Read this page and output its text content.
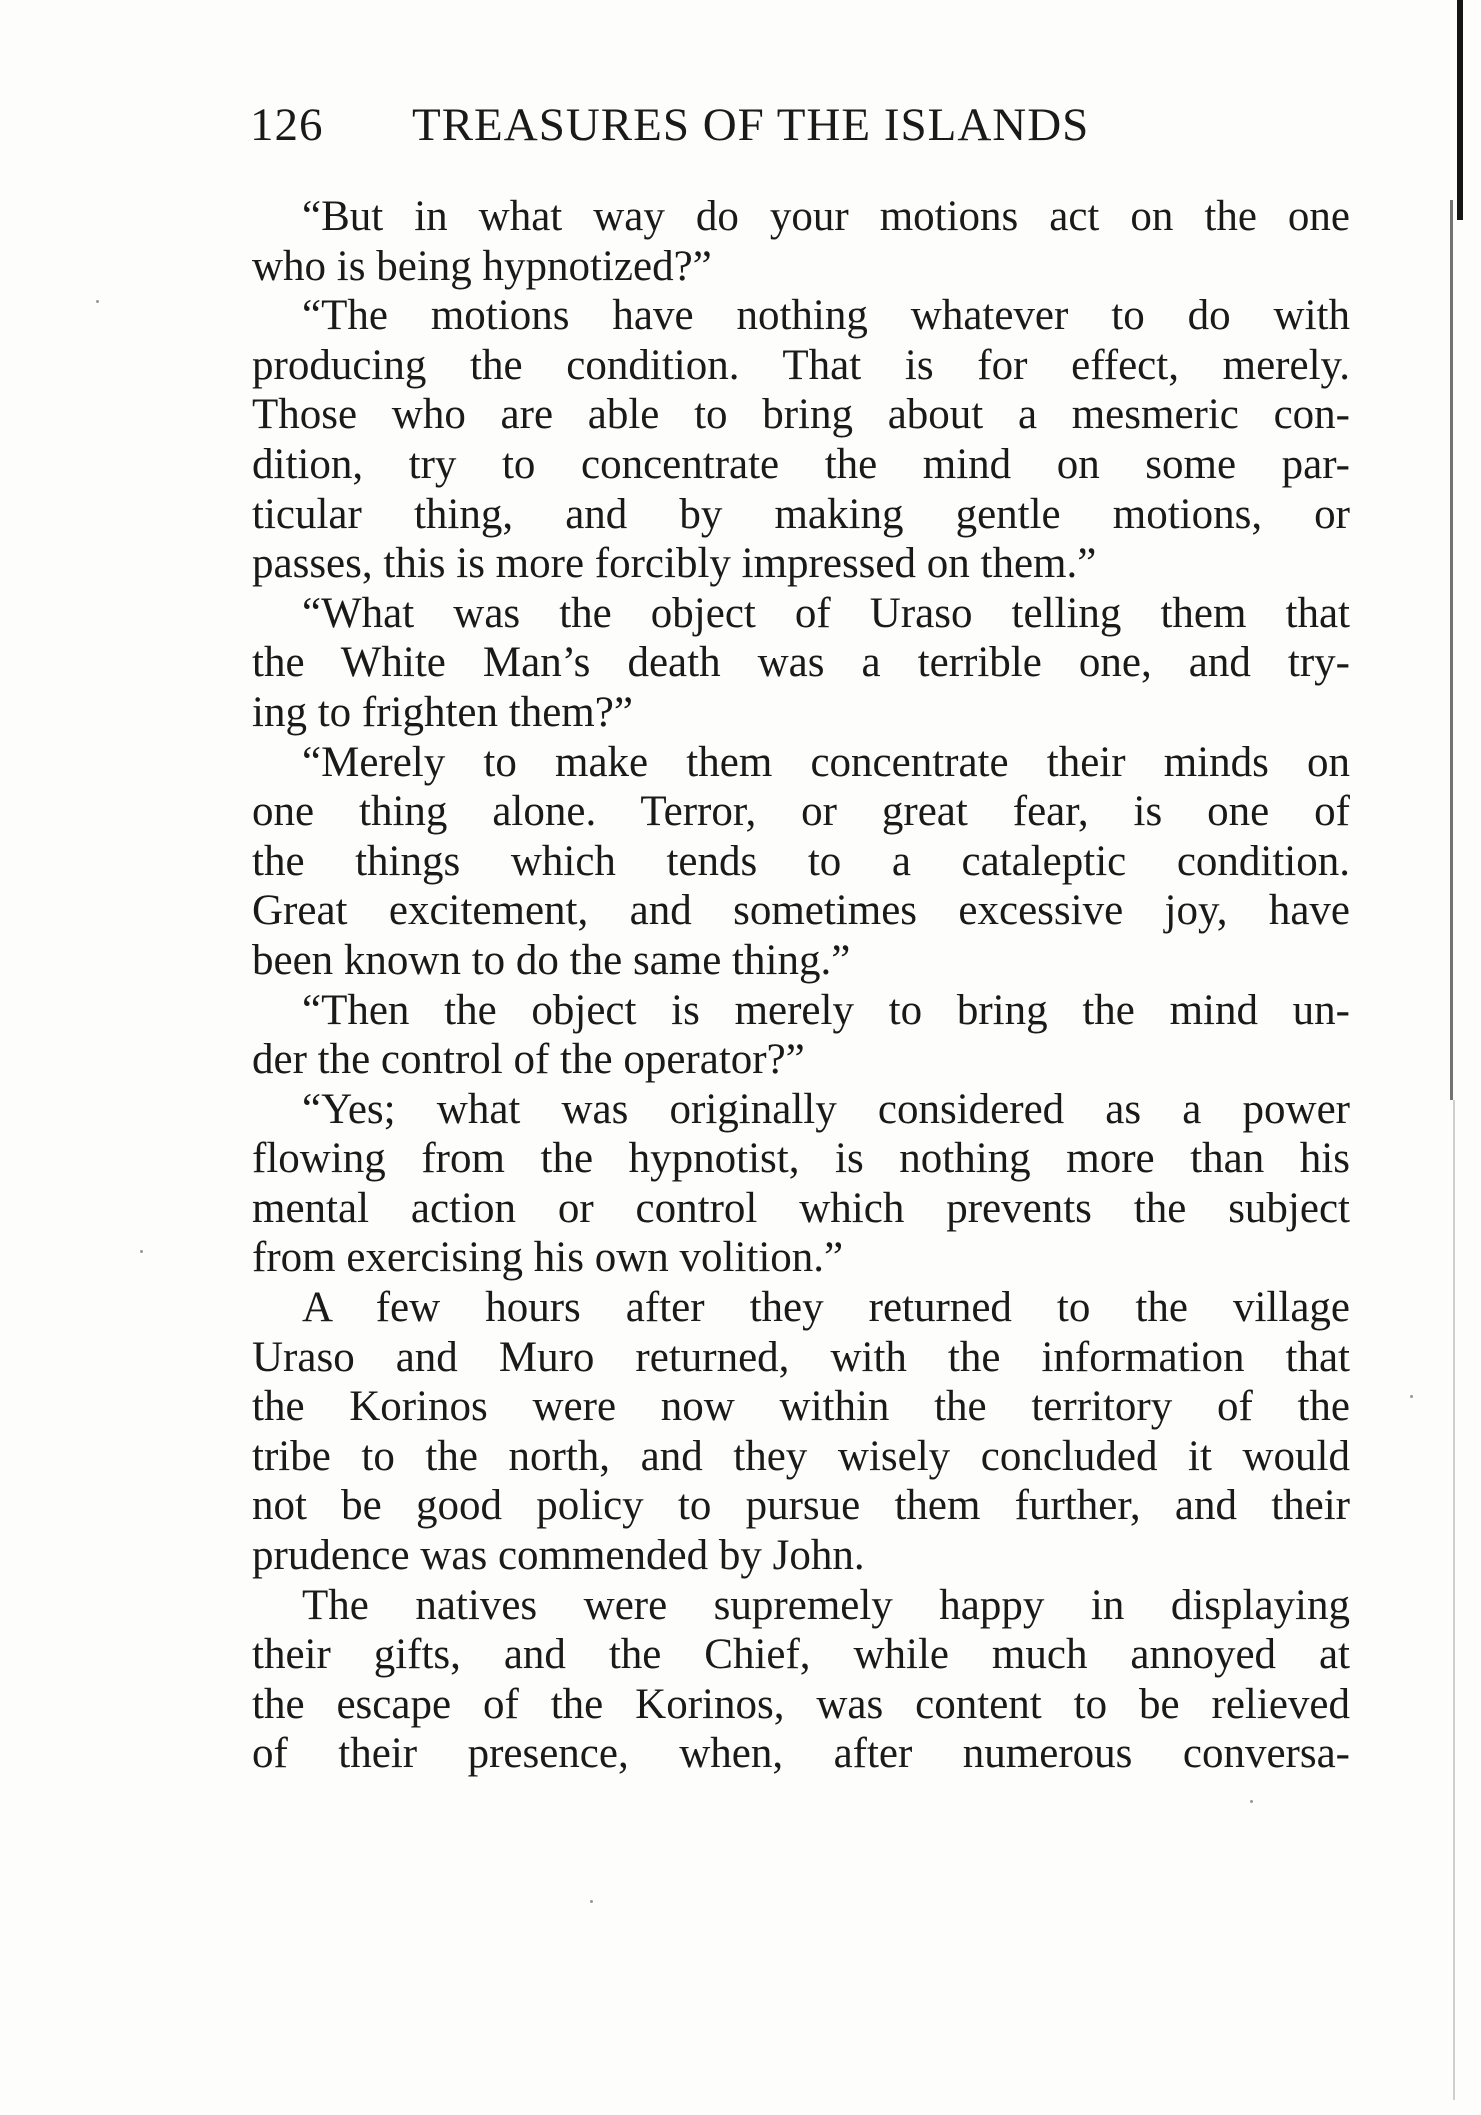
126 TREASURES OF THE ISLANDS
“But in what way do your motions act on the one
who is being hypnotized?”
“The motions have nothing whatever to do with
producing the condition. That is for effect, merely.
Those who are able to bring about a mesmeric con-
dition, try to concentrate the mind on some par-
ticular thing, and by making gentle motions, or
passes, this is more forcibly impressed on them.”
“What was the object of Uraso telling them that
the White Man’s death was a terrible one, and try-
ing to frighten them?”
“Merely to make them concentrate their minds on
one thing alone. Terror, or great fear, is one of
the things which tends to a cataleptic condition.
Great excitement, and sometimes excessive joy, have
been known to do the same thing.”
“Then the object is merely to bring the mind un-
der the control of the operator?”
“Yes; what was originally considered as a power
flowing from the hypnotist, is nothing more than his
mental action or control which prevents the subject
from exercising his own volition.”
A few hours after they returned to the village
Uraso and Muro returned, with the information that
the Korinos were now within the territory of the
tribe to the north, and they wisely concluded it would
not be good policy to pursue them further, and their
prudence was commended by John.
The natives were supremely happy in displaying
their gifts, and the Chief, while much annoyed at
the escape of the Korinos, was content to be relieved
of their presence, when, after numerous conversa-
